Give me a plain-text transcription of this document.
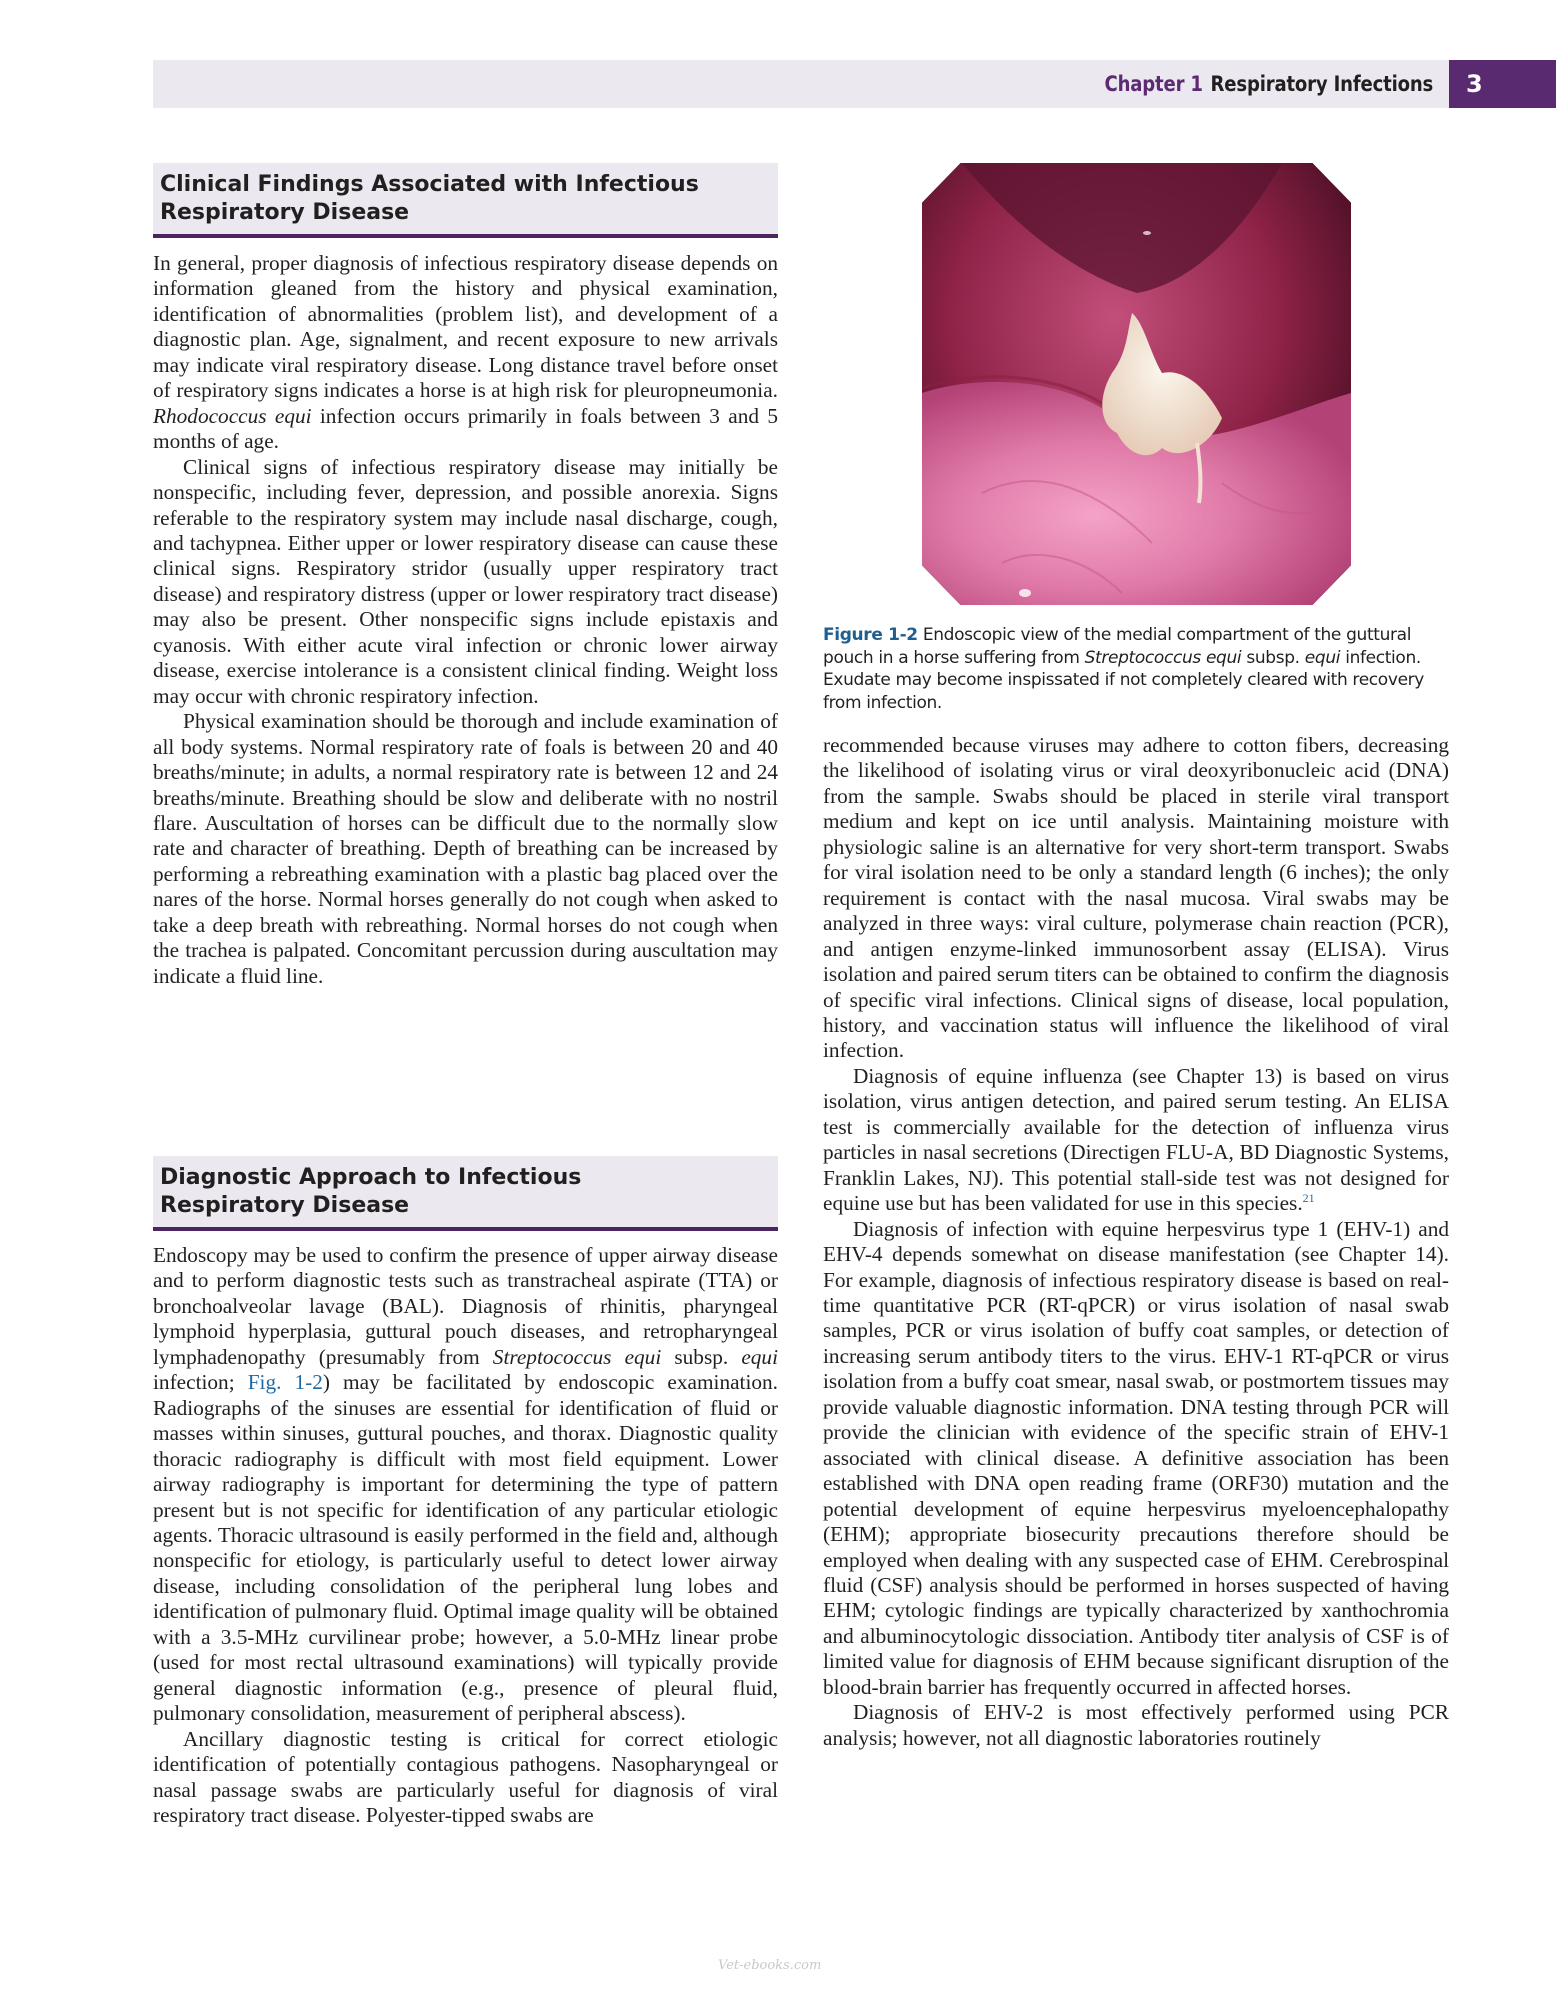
Chapter 1 Respiratory Infections 3
Clinical Findings Associated with Infectious
Respiratory Disease

In general, proper diagnosis of infectious respiratory disease depends on information gleaned from the history and physical examination, identification of abnormalities (problem list), and development of a diagnostic plan. Age, signalment, and recent exposure to new arrivals may indicate viral respiratory disease. Long distance travel before onset of respiratory signs indicates a horse is at high risk for pleuropneumonia. Rhodococcus equi infection occurs primarily in foals between 3 and 5 months of age.

Clinical signs of infectious respiratory disease may initially be nonspecific, including fever, depression, and possible anorexia. Signs referable to the respiratory system may include nasal discharge, cough, and tachypnea. Either upper or lower respiratory disease can cause these clinical signs. Respiratory stridor (usually upper respiratory tract disease) and respiratory distress (upper or lower respiratory tract disease) may also be present. Other nonspecific signs include epistaxis and cyanosis. With either acute viral infection or chronic lower airway disease, exercise intolerance is a consistent clinical finding. Weight loss may occur with chronic respiratory infection.

Physical examination should be thorough and include examination of all body systems. Normal respiratory rate of foals is between 20 and 40 breaths/minute; in adults, a normal respiratory rate is between 12 and 24 breaths/minute. Breathing should be slow and deliberate with no nostril flare. Auscultation of horses can be difficult due to the normally slow rate and character of breathing. Depth of breathing can be increased by performing a rebreathing examination with a plastic bag placed over the nares of the horse. Normal horses generally do not cough when asked to take a deep breath with rebreathing. Normal horses do not cough when the trachea is palpated. Concomitant percussion during auscultation may indicate a fluid line.

Diagnostic Approach to Infectious
Respiratory Disease

Endoscopy may be used to confirm the presence of upper airway disease and to perform diagnostic tests such as transtracheal aspirate (TTA) or bronchoalveolar lavage (BAL). Diagnosis of rhinitis, pharyngeal lymphoid hyperplasia, guttural pouch diseases, and retropharyngeal lymphadenopathy (presumably from Streptococcus equi subsp. equi infection; Fig. 1-2) may be facilitated by endoscopic examination. Radiographs of the sinuses are essential for identification of fluid or masses within sinuses, guttural pouches, and thorax. Diagnostic quality thoracic radiography is difficult with most field equipment. Lower airway radiography is important for determining the type of pattern present but is not specific for identification of any particular etiologic agents. Thoracic ultrasound is easily performed in the field and, although nonspecific for etiology, is particularly useful to detect lower airway disease, including consolidation of the peripheral lung lobes and identification of pulmonary fluid. Optimal image quality will be obtained with a 3.5-MHz curvilinear probe; however, a 5.0-MHz linear probe (used for most rectal ultrasound examinations) will typically provide general diagnostic information (e.g., presence of pleural fluid, pulmonary consolidation, measurement of peripheral abscess).

Ancillary diagnostic testing is critical for correct etiologic identification of potentially contagious pathogens. Nasopharyngeal or nasal passage swabs are particularly useful for diagnosis of viral respiratory tract disease. Polyester-tipped swabs are

Figure 1-2 Endoscopic view of the medial compartment of the guttural pouch in a horse suffering from Streptococcus equi subsp. equi infection. Exudate may become inspissated if not completely cleared with recovery from infection.

recommended because viruses may adhere to cotton fibers, decreasing the likelihood of isolating virus or viral deoxyribonucleic acid (DNA) from the sample. Swabs should be placed in sterile viral transport medium and kept on ice until analysis. Maintaining moisture with physiologic saline is an alternative for very short-term transport. Swabs for viral isolation need to be only a standard length (6 inches); the only requirement is contact with the nasal mucosa. Viral swabs may be analyzed in three ways: viral culture, polymerase chain reaction (PCR), and antigen enzyme-linked immunosorbent assay (ELISA). Virus isolation and paired serum titers can be obtained to confirm the diagnosis of specific viral infections. Clinical signs of disease, local population, history, and vaccination status will influence the likelihood of viral infection.

Diagnosis of equine influenza (see Chapter 13) is based on virus isolation, virus antigen detection, and paired serum testing. An ELISA test is commercially available for the detection of influenza virus particles in nasal secretions (Directigen FLU-A, BD Diagnostic Systems, Franklin Lakes, NJ). This potential stall-side test was not designed for equine use but has been validated for use in this species.$^{21}$

Diagnosis of infection with equine herpesvirus type 1 (EHV-1) and EHV-4 depends somewhat on disease manifestation (see Chapter 14). For example, diagnosis of infectious respiratory disease is based on real-time quantitative PCR (RT-qPCR) or virus isolation of nasal swab samples, PCR or virus isolation of buffy coat samples, or detection of increasing serum antibody titers to the virus. EHV-1 RT-qPCR or virus isolation from a buffy coat smear, nasal swab, or postmortem tissues may provide valuable diagnostic information. DNA testing through PCR will provide the clinician with evidence of the specific strain of EHV-1 associated with clinical disease. A definitive association has been established with DNA open reading frame (ORF30) mutation and the potential development of equine herpesvirus myeloencephalopathy (EHM); appropriate biosecurity precautions therefore should be employed when dealing with any suspected case of EHM. Cerebrospinal fluid (CSF) analysis should be performed in horses suspected of having EHM; cytologic findings are typically characterized by xanthochromia and albuminocytologic dissociation. Antibody titer analysis of CSF is of limited value for diagnosis of EHM because significant disruption of the blood-brain barrier has frequently occurred in affected horses.

Diagnosis of EHV-2 is most effectively performed using PCR analysis; however, not all diagnostic laboratories routinely

Vet-ebooks.com
